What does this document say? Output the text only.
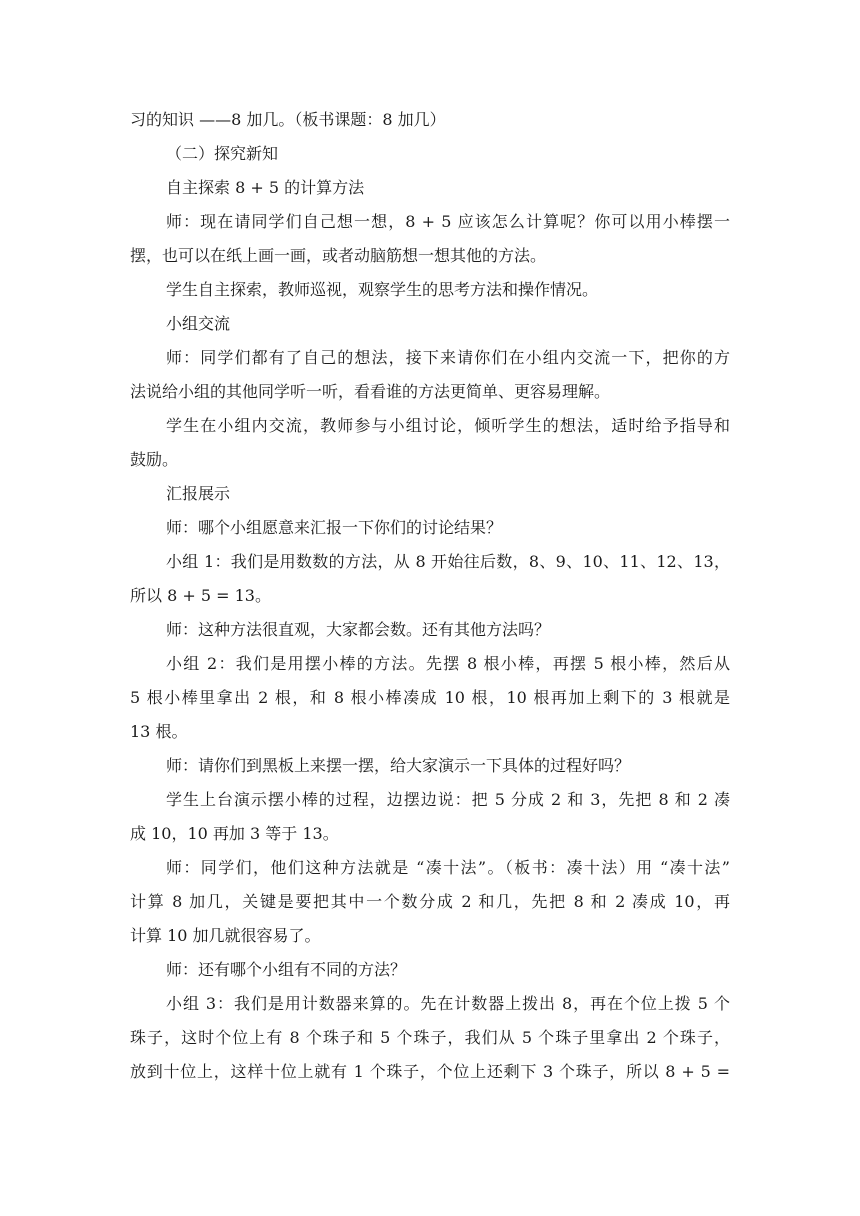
习的知识 ——8 加几。（板书课题：8 加几）
（二）探究新知
自主探索 8 + 5 的计算方法
师：现在请同学们自己想一想，8 + 5 应该怎么计算呢？你可以用小棒摆一
摆，也可以在纸上画一画，或者动脑筋想一想其他的方法。
学生自主探索，教师巡视，观察学生的思考方法和操作情况。
小组交流
师：同学们都有了自己的想法，接下来请你们在小组内交流一下，把你的方
法说给小组的其他同学听一听，看看谁的方法更简单、更容易理解。
学生在小组内交流，教师参与小组讨论，倾听学生的想法，适时给予指导和
鼓励。
汇报展示
师：哪个小组愿意来汇报一下你们的讨论结果？
小组 1：我们是用数数的方法，从 8 开始往后数，8、9、10、11、12、13，
所以 8 + 5 = 13。
师：这种方法很直观，大家都会数。还有其他方法吗？
小组 2：我们是用摆小棒的方法。先摆 8 根小棒，再摆 5 根小棒，然后从
5 根小棒里拿出 2 根，和 8 根小棒凑成 10 根，10 根再加上剩下的 3 根就是
13 根。
师：请你们到黑板上来摆一摆，给大家演示一下具体的过程好吗？
学生上台演示摆小棒的过程，边摆边说：把 5 分成 2 和 3，先把 8 和 2 凑
成 10，10 再加 3 等于 13。
师：同学们，他们这种方法就是 “凑十法”。（板书：凑十法）用 “凑十法”
计算 8 加几，关键是要把其中一个数分成 2 和几，先把 8 和 2 凑成 10，再
计算 10 加几就很容易了。
师：还有哪个小组有不同的方法？
小组 3：我们是用计数器来算的。先在计数器上拨出 8，再在个位上拨 5 个
珠子，这时个位上有 8 个珠子和 5 个珠子，我们从 5 个珠子里拿出 2 个珠子，
放到十位上，这样十位上就有 1 个珠子，个位上还剩下 3 个珠子，所以 8 + 5 =
